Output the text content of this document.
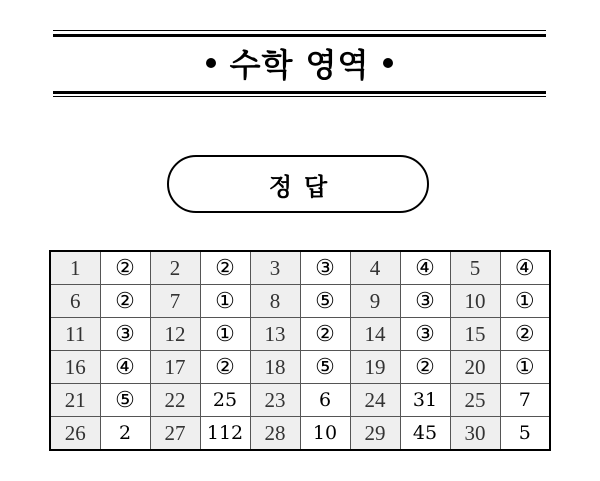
수학 영역
정답
1	②	2	②	3	③	4	④	5	④
6	②	7	①	8	⑤	9	③	10	①
11	③	12	①	13	②	14	③	15	②
16	④	17	②	18	⑤	19	②	20	①
21	⑤	22	25	23	6	24	31	25	7
26	2	27	112	28	10	29	45	30	5
